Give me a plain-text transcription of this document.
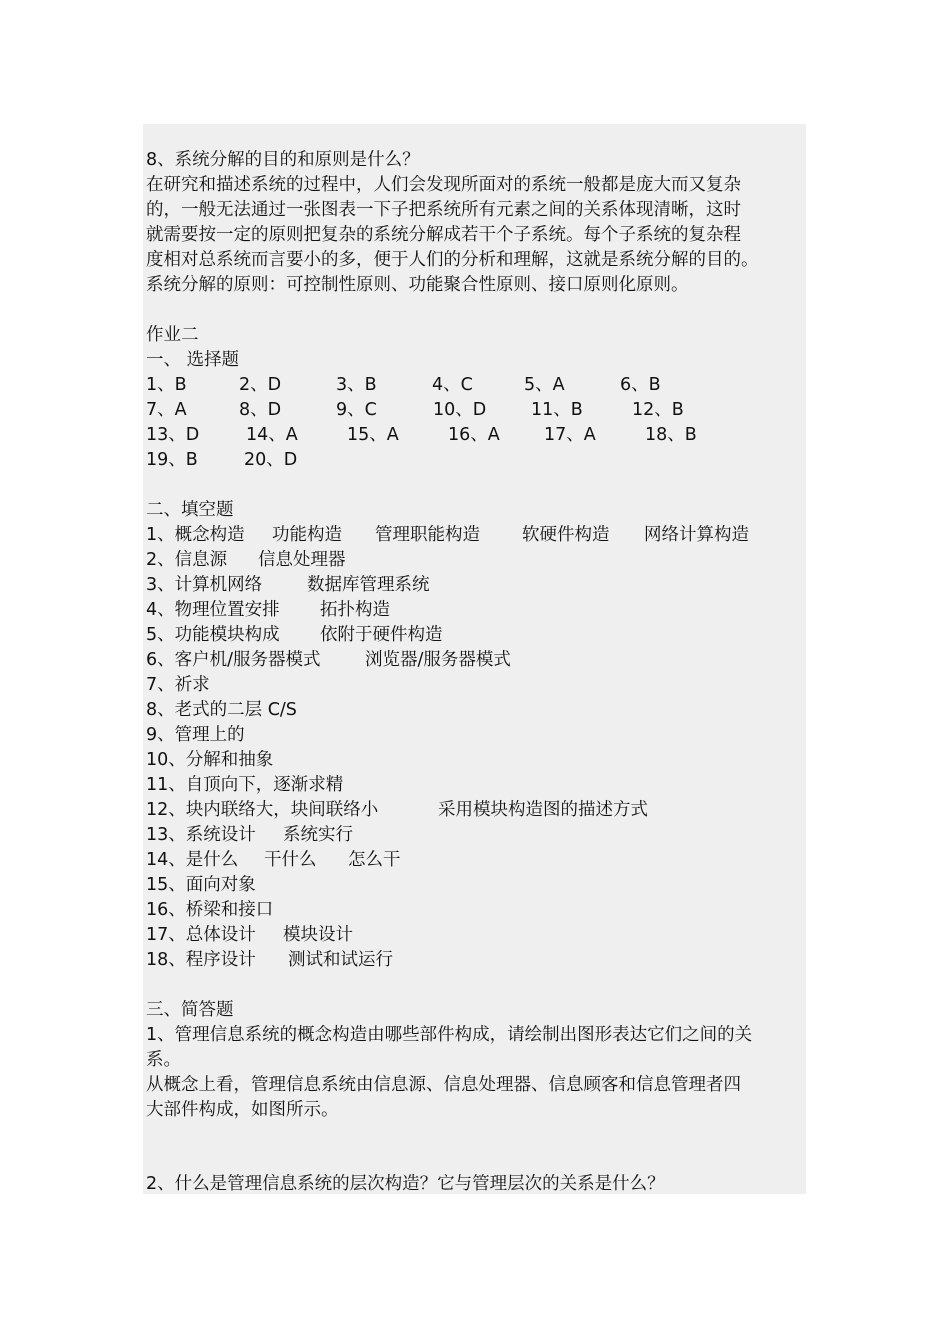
8、系统分解的目的和原则是什么？
在研究和描述系统的过程中，人们会发现所面对的系统一般都是庞大而又复杂
的，一般无法通过一张图表一下子把系统所有元素之间的关系体现清晰，这时
就需要按一定的原则把复杂的系统分解成若干个子系统。每个子系统的复杂程
度相对总系统而言要小的多，便于人们的分析和理解，这就是系统分解的目的。
系统分解的原则：可控制性原则、功能聚合性原则、接口原则化原则。
作业二
一、 选择题
1、B	2、D	3、B	4、C	5、A	6、B
7、A	8、D	9、C	10、D	11、B	12、B
13、D	14、A	15、A	16、A	17、A	18、B
19、B	20、D
二、填空题
1、概念构造 功能构造 管理职能构造 软硬件构造 网络计算构造
2、信息源 信息处理器
3、计算机网络	数据库管理系统
4、物理位置安排 拓扑构造
5、功能模块构成 依附于硬件构造
6、客户机/服务器模式	浏览器/服务器模式
7、祈求
8、老式的二层 C/S
9、管理上的
10、分解和抽象
11、自顶向下，逐渐求精
12、块内联络大，块间联络小	采用模块构造图的描述方式
13、系统设计 系统实行
14、是什么 干什么 怎么干
15、面向对象
16、桥梁和接口
17、总体设计 模块设计
18、程序设计 测试和试运行
三、简答题
1、管理信息系统的概念构造由哪些部件构成，请绘制出图形表达它们之间的关
系。
从概念上看，管理信息系统由信息源、信息处理器、信息顾客和信息管理者四
大部件构成，如图所示。
2、什么是管理信息系统的层次构造？它与管理层次的关系是什么？
